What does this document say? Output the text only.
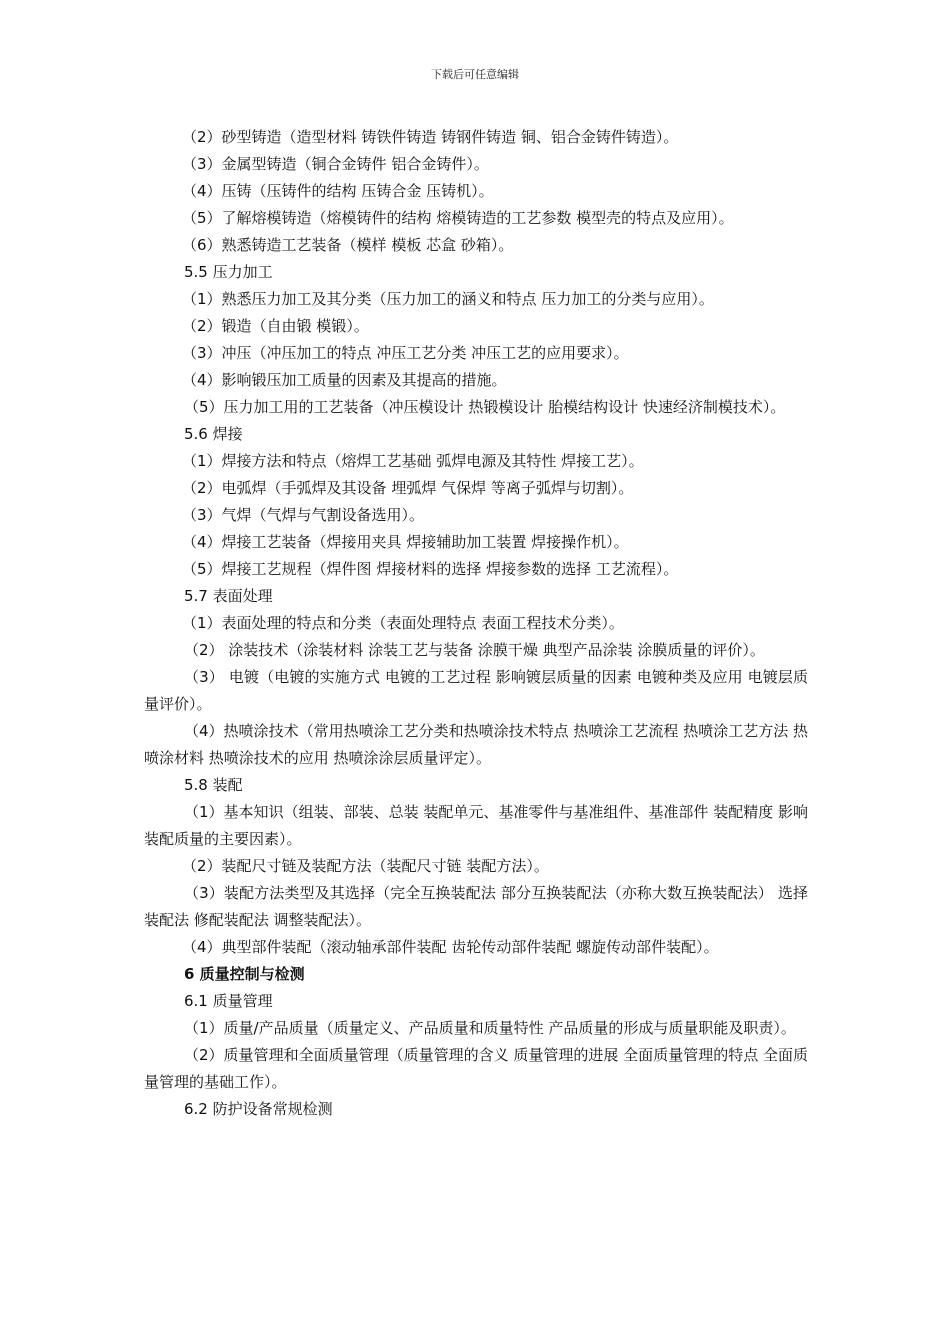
下载后可任意编辑
（2）砂型铸造（造型材料 铸铁件铸造 铸钢件铸造 铜、铝合金铸件铸造）。
（3）金属型铸造（铜合金铸件 铝合金铸件）。
（4）压铸（压铸件的结构 压铸合金 压铸机）。
（5）了解熔模铸造（熔模铸件的结构 熔模铸造的工艺参数 模型壳的特点及应用）。
（6）熟悉铸造工艺装备（模样 模板 芯盒 砂箱）。
5.5 压力加工
（1）熟悉压力加工及其分类（压力加工的涵义和特点 压力加工的分类与应用）。
（2）锻造（自由锻 模锻）。
（3）冲压（冲压加工的特点 冲压工艺分类 冲压工艺的应用要求）。
（4）影响锻压加工质量的因素及其提高的措施。
（5）压力加工用的工艺装备（冲压模设计 热锻模设计 胎模结构设计 快速经济制模技术）。
5.6 焊接
（1）焊接方法和特点（熔焊工艺基础 弧焊电源及其特性 焊接工艺）。
（2）电弧焊（手弧焊及其设备 埋弧焊 气保焊 等离子弧焊与切割）。
（3）气焊（气焊与气割设备选用）。
（4）焊接工艺装备（焊接用夹具 焊接辅助加工装置 焊接操作机）。
（5）焊接工艺规程（焊件图 焊接材料的选择 焊接参数的选择 工艺流程）。
5.7 表面处理
（1）表面处理的特点和分类（表面处理特点 表面工程技术分类）。
（2） 涂装技术（涂装材料 涂装工艺与装备 涂膜干燥 典型产品涂装 涂膜质量的评价）。
（3） 电镀（电镀的实施方式 电镀的工艺过程 影响镀层质量的因素 电镀种类及应用 电镀层质量评价）。
（4）热喷涂技术（常用热喷涂工艺分类和热喷涂技术特点 热喷涂工艺流程 热喷涂工艺方法 热喷涂材料 热喷涂技术的应用 热喷涂涂层质量评定）。
5.8 装配
（1）基本知识（组装、部装、总装 装配单元、基准零件与基准组件、基准部件 装配精度 影响装配质量的主要因素）。
（2）装配尺寸链及装配方法（装配尺寸链 装配方法）。
（3）装配方法类型及其选择（完全互换装配法 部分互换装配法（亦称大数互换装配法） 选择装配法 修配装配法 调整装配法）。
（4）典型部件装配（滚动轴承部件装配 齿轮传动部件装配 螺旋传动部件装配）。
6 质量控制与检测
6.1 质量管理
（1）质量/产品质量（质量定义、产品质量和质量特性 产品质量的形成与质量职能及职责）。
（2）质量管理和全面质量管理（质量管理的含义 质量管理的进展 全面质量管理的特点 全面质量管理的基础工作）。
6.2 防护设备常规检测
